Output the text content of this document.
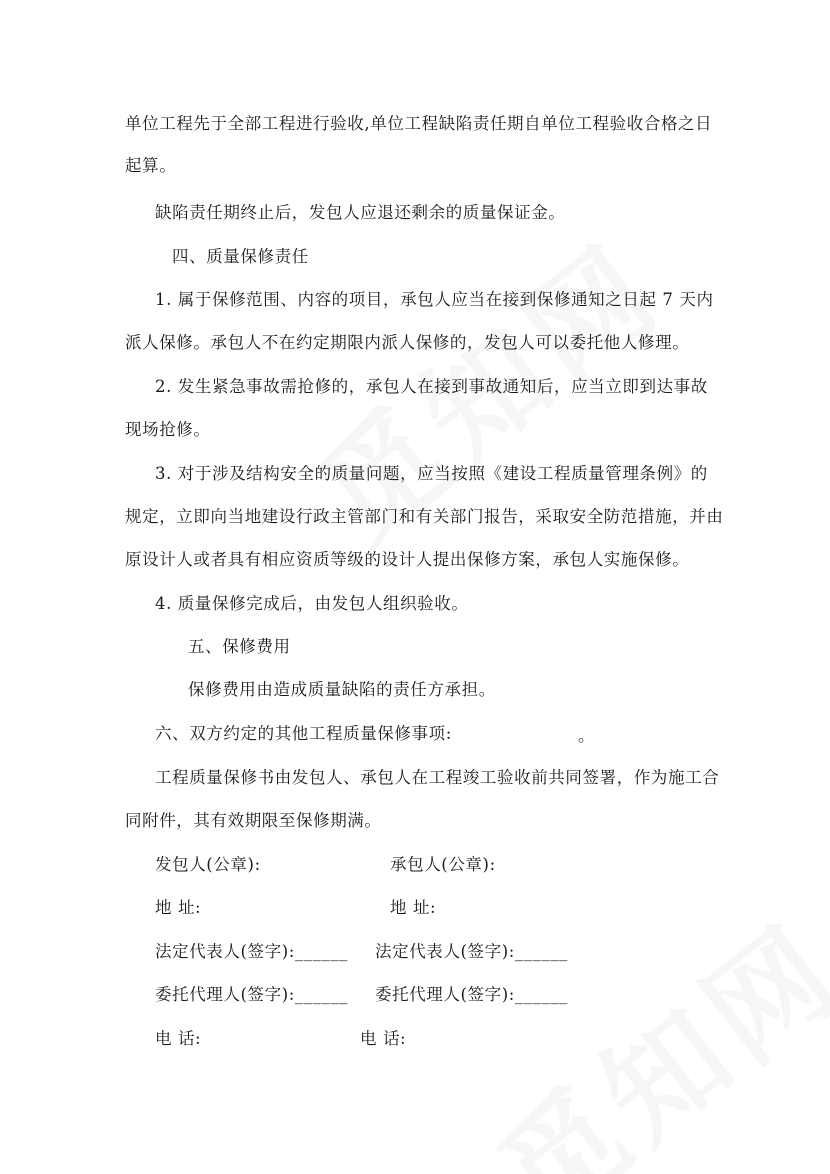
单位工程先于全部工程进行验收,单位工程缺陷责任期自单位工程验收合格之日
起算。
缺陷责任期终止后，发包人应退还剩余的质量保证金。
四、质量保修责任
1. 属于保修范围、内容的项目，承包人应当在接到保修通知之日起 7 天内
派人保修。承包人不在约定期限内派人保修的，发包人可以委托他人修理。
2. 发生紧急事故需抢修的，承包人在接到事故通知后，应当立即到达事故
现场抢修。
3. 对于涉及结构安全的质量问题，应当按照《建设工程质量管理条例》的
规定，立即向当地建设行政主管部门和有关部门报告，采取安全防范措施，并由
原设计人或者具有相应资质等级的设计人提出保修方案，承包人实施保修。
4. 质量保修完成后，由发包人组织验收。
五、保修费用
保修费用由造成质量缺陷的责任方承担。
六、双方约定的其他工程质量保修事项:	。
工程质量保修书由发包人、承包人在工程竣工验收前共同签署，作为施工合
同附件，其有效期限至保修期满。
发包人(公章):	承包人(公章):
地 址:	地 址:
法定代表人(签字):______ 法定代表人(签字):______
委托代理人(签字):______ 委托代理人(签字):______
电 话:	电 话:
